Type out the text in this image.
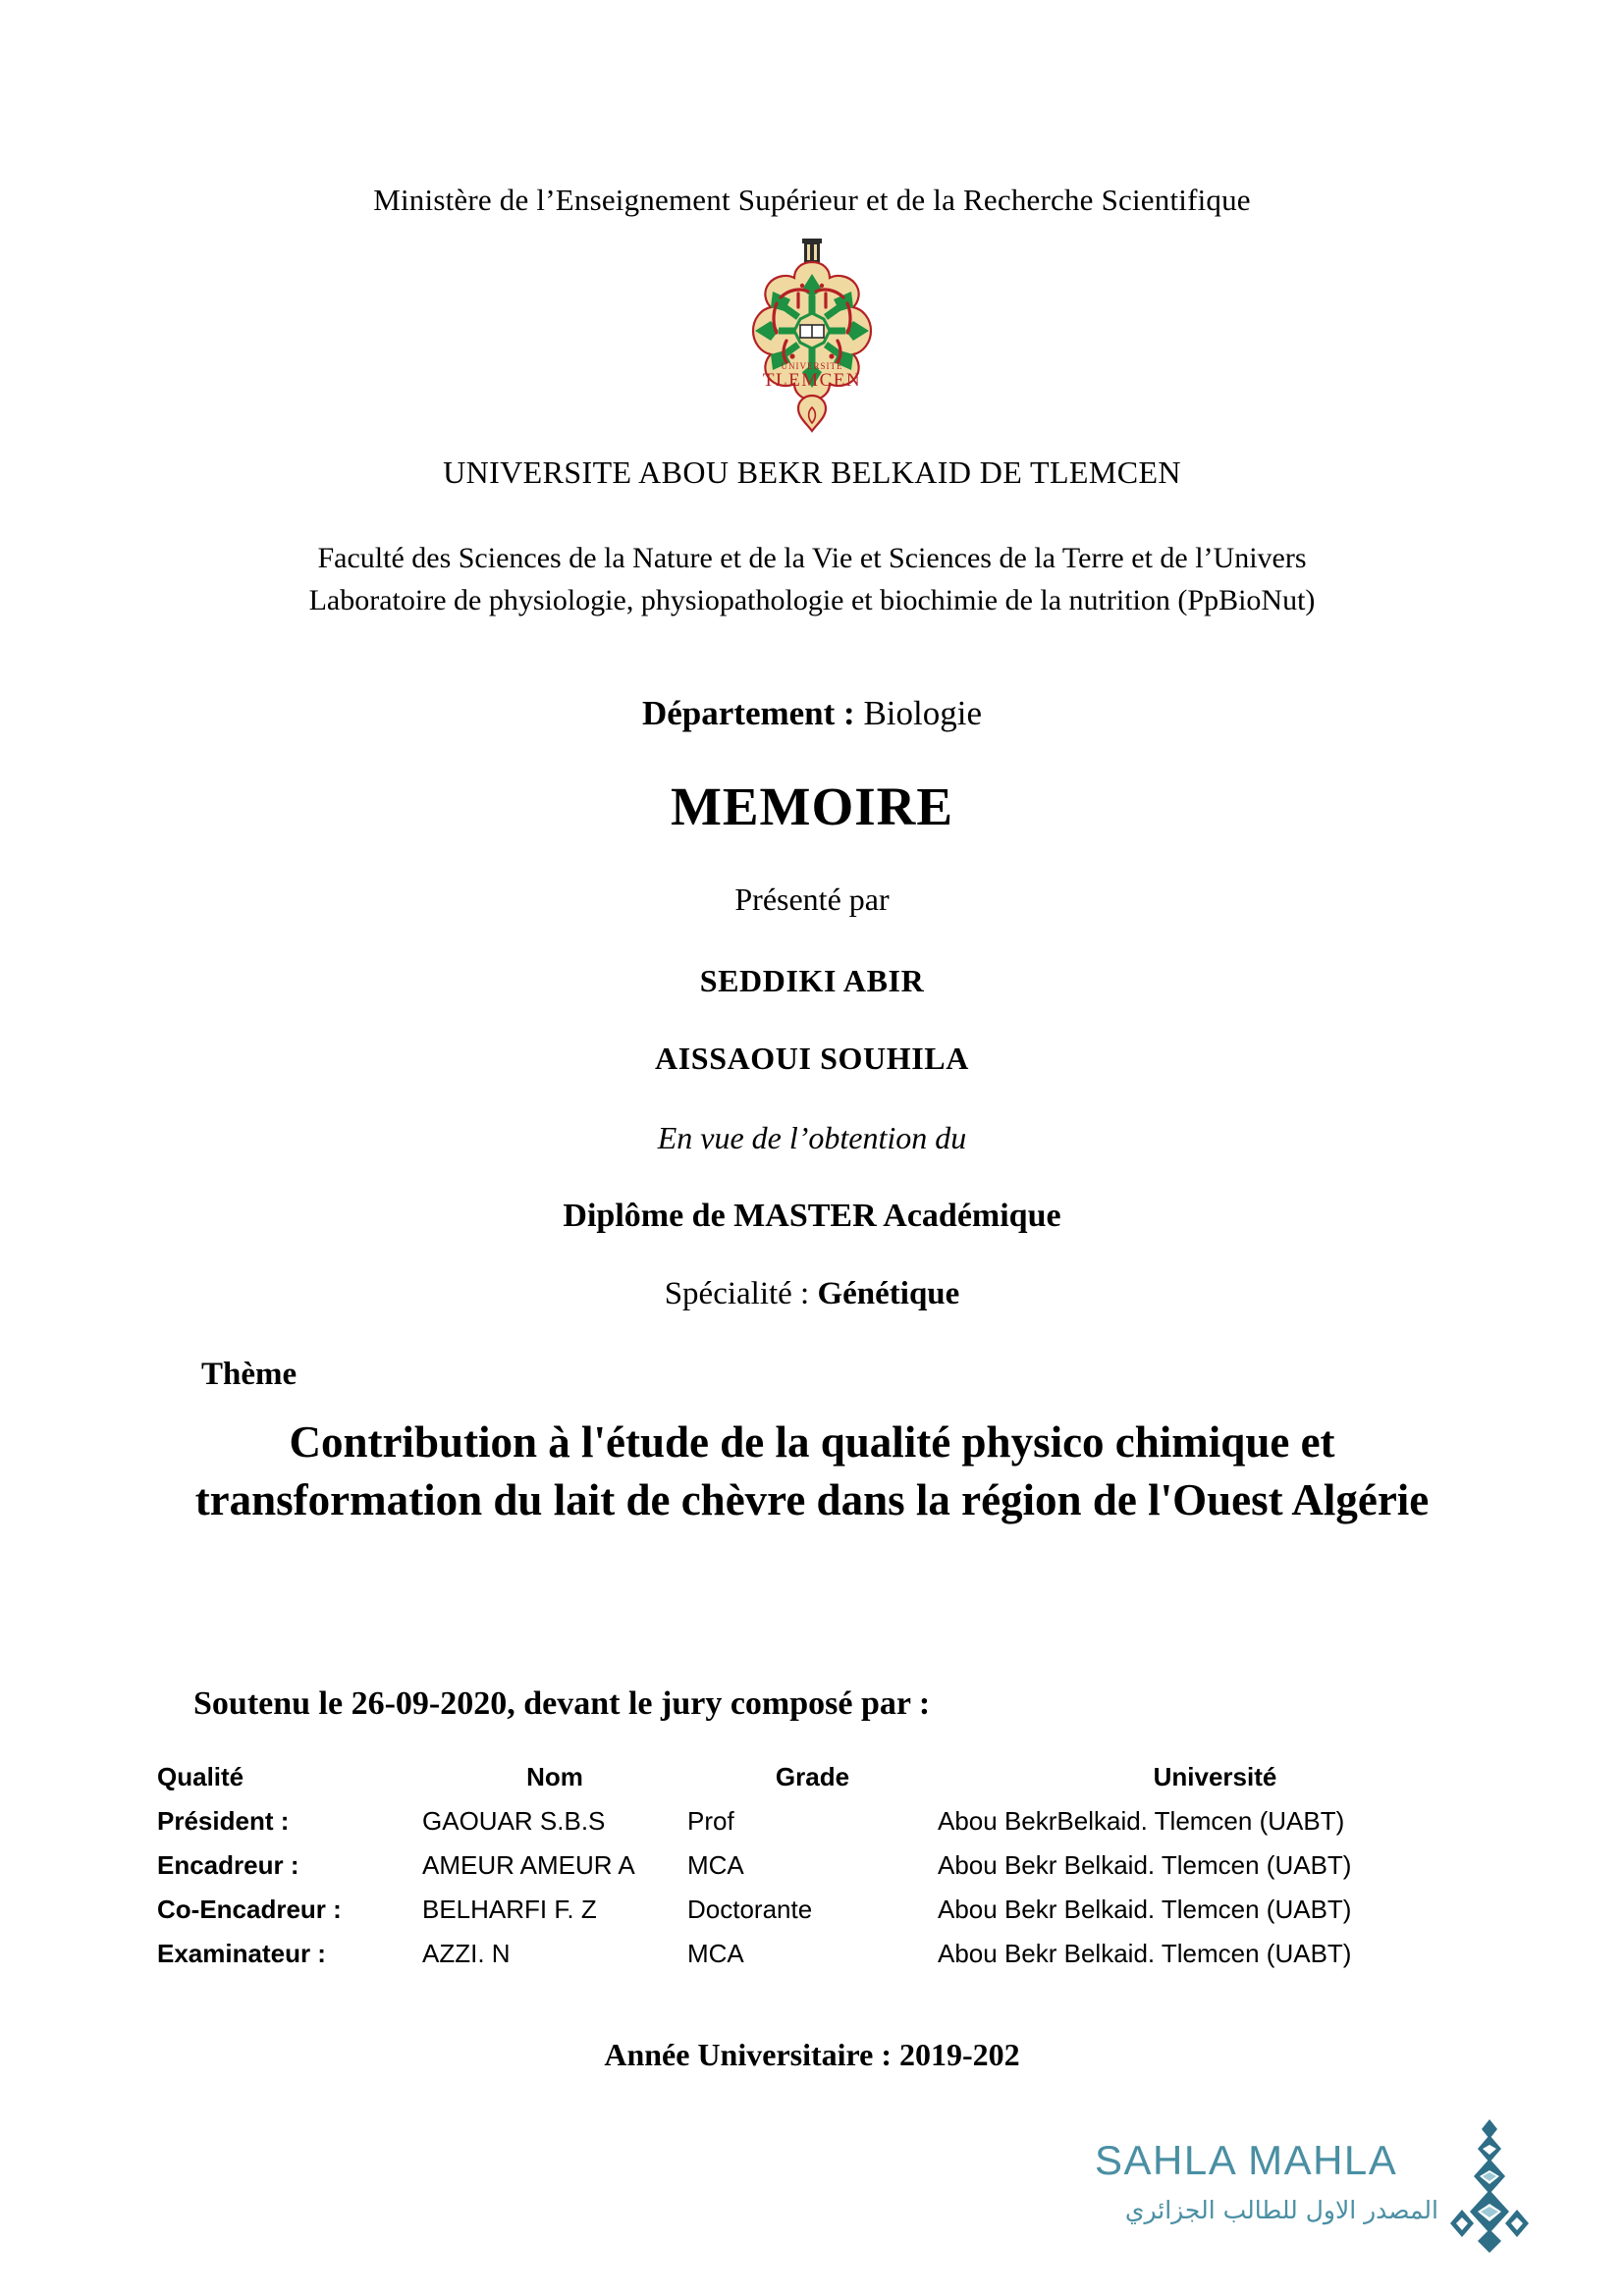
Ministère de l’Enseignement Supérieur et de la Recherche Scientifique
UNIVERSITE
TLEMCEN
UNIVERSITE ABOU BEKR BELKAID DE TLEMCEN
Faculté des Sciences de la Nature et de la Vie et Sciences de la Terre et de l’Univers
Laboratoire de physiologie, physiopathologie et biochimie de la nutrition (PpBioNut)
Département : Biologie
MEMOIRE
Présenté par
SEDDIKI ABIR
AISSAOUI SOUHILA
En vue de l’obtention du
Diplôme de MASTER Académique
Spécialité : Génétique
Thème
Contribution à l'étude de la qualité physico chimique et transformation du lait de chèvre dans la région de l'Ouest Algérie
Soutenu le 26-09-2020, devant le jury composé par :
Qualité	Nom	Grade	Université
Président :	GAOUAR S.B.S	Prof	Abou BekrBelkaid. Tlemcen (UABT)
Encadreur :	AMEUR AMEUR A	MCA	Abou Bekr Belkaid. Tlemcen (UABT)
Co-Encadreur :	BELHARFI F. Z	Doctorante	Abou Bekr Belkaid. Tlemcen (UABT)
Examinateur :	AZZI. N	MCA	Abou Bekr Belkaid. Tlemcen (UABT)
Année Universitaire : 2019-202
SAHLA MAHLA
المصدر الاول للطالب الجزائري
